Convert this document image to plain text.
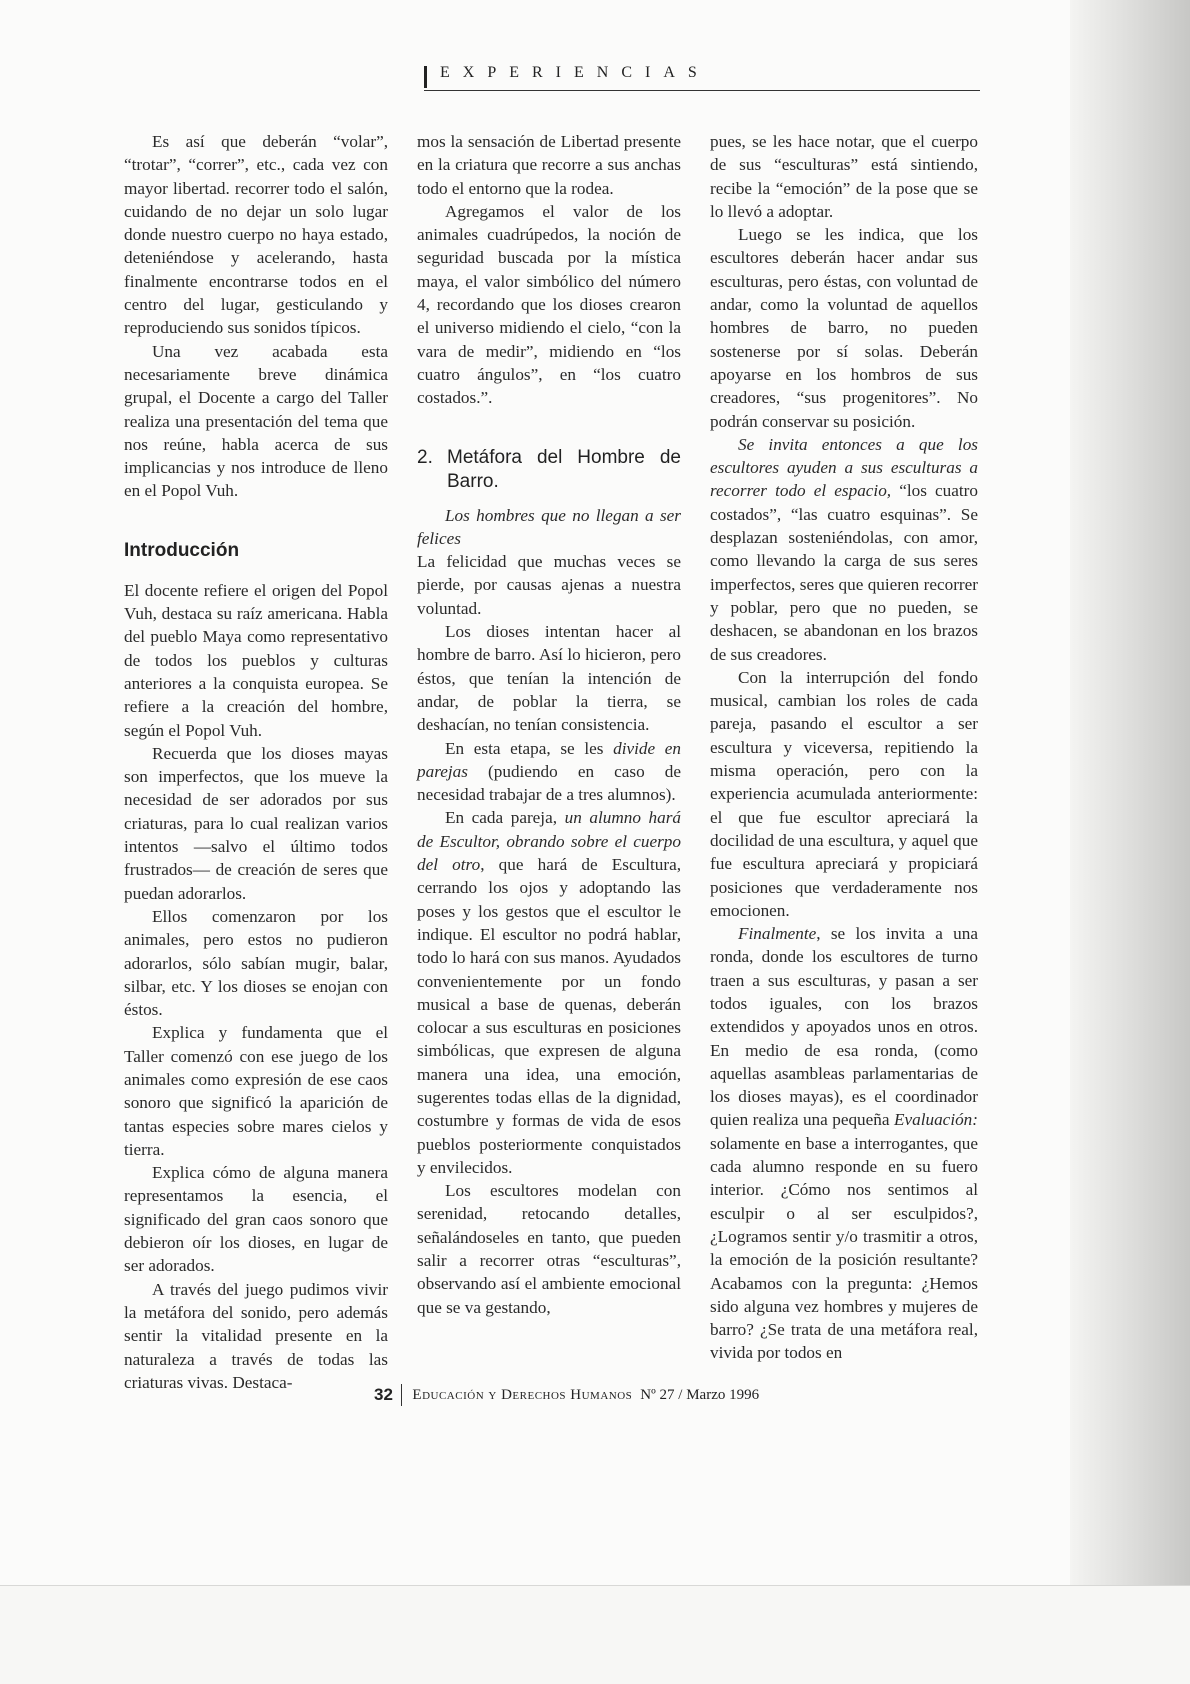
EXPERIENCIAS

Es así que deberán “volar”, “trotar”, “correr”, etc., cada vez con mayor libertad. recorrer todo el salón, cuidando de no dejar un solo lugar donde nuestro cuerpo no haya estado, deteniéndose y acelerando, hasta finalmente encontrarse todos en el centro del lugar, gesticulando y reproduciendo sus sonidos típicos.

Una vez acabada esta necesariamente breve dinámica grupal, el Docente a cargo del Taller realiza una presentación del tema que nos reúne, habla acerca de sus implicancias y nos introduce de lleno en el Popol Vuh.

Introducción

El docente refiere el origen del Popol Vuh, destaca su raíz americana. Habla del pueblo Maya como representativo de todos los pueblos y culturas anteriores a la conquista europea. Se refiere a la creación del hombre, según el Popol Vuh.

Recuerda que los dioses mayas son imperfectos, que los mueve la necesidad de ser adorados por sus criaturas, para lo cual realizan varios intentos —salvo el último todos frustrados— de creación de seres que puedan adorarlos.

Ellos comenzaron por los animales, pero estos no pudieron adorarlos, sólo sabían mugir, balar, silbar, etc. Y los dioses se enojan con éstos.

Explica y fundamenta que el Taller comenzó con ese juego de los animales como expresión de ese caos sonoro que significó la aparición de tantas especies sobre mares cielos y tierra.

Explica cómo de alguna manera representamos la esencia, el significado del gran caos sonoro que debieron oír los dioses, en lugar de ser adorados.

A través del juego pudimos vivir la metáfora del sonido, pero además sentir la vitalidad presente en la naturaleza a través de todas las criaturas vivas. Destaca-

mos la sensación de Libertad presente en la criatura que recorre a sus anchas todo el entorno que la rodea.

Agregamos el valor de los animales cuadrúpedos, la noción de seguridad buscada por la mística maya, el valor simbólico del número 4, recordando que los dioses crearon el universo midiendo el cielo, “con la vara de medir”, midiendo en “los cuatro ángulos”, en “los cuatro costados.”.

2. Metáfora del Hombre de Barro.

Los hombres que no llegan a ser felices

La felicidad que muchas veces se pierde, por causas ajenas a nuestra voluntad.

Los dioses intentan hacer al hombre de barro. Así lo hicieron, pero éstos, que tenían la intención de andar, de poblar la tierra, se deshacían, no tenían consistencia.

En esta etapa, se les divide en parejas (pudiendo en caso de necesidad trabajar de a tres alumnos).

En cada pareja, un alumno hará de Escultor, obrando sobre el cuerpo del otro, que hará de Escultura, cerrando los ojos y adoptando las poses y los gestos que el escultor le indique. El escultor no podrá hablar, todo lo hará con sus manos. Ayudados convenientemente por un fondo musical a base de quenas, deberán colocar a sus esculturas en posiciones simbólicas, que expresen de alguna manera una idea, una emoción, sugerentes todas ellas de la dignidad, costumbre y formas de vida de esos pueblos posteriormente conquistados y envilecidos.

Los escultores modelan con serenidad, retocando detalles, señalándoseles en tanto, que pueden salir a recorrer otras “esculturas”, observando así el ambiente emocional que se va gestando,

pues, se les hace notar, que el cuerpo de sus “esculturas” está sintiendo, recibe la “emoción” de la pose que se lo llevó a adoptar.

Luego se les indica, que los escultores deberán hacer andar sus esculturas, pero éstas, con voluntad de andar, como la voluntad de aquellos hombres de barro, no pueden sostenerse por sí solas. Deberán apoyarse en los hombros de sus creadores, “sus progenitores”. No podrán conservar su posición.

Se invita entonces a que los escultores ayuden a sus esculturas a recorrer todo el espacio, “los cuatro costados”, “las cuatro esquinas”. Se desplazan sosteniéndolas, con amor, como llevando la carga de sus seres imperfectos, seres que quieren recorrer y poblar, pero que no pueden, se deshacen, se abandonan en los brazos de sus creadores.

Con la interrupción del fondo musical, cambian los roles de cada pareja, pasando el escultor a ser escultura y viceversa, repitiendo la misma operación, pero con la experiencia acumulada anteriormente: el que fue escultor apreciará la docilidad de una escultura, y aquel que fue escultura apreciará y propiciará posiciones que verdaderamente nos emocionen.

Finalmente, se los invita a una ronda, donde los escultores de turno traen a sus esculturas, y pasan a ser todos iguales, con los brazos extendidos y apoyados unos en otros. En medio de esa ronda, (como aquellas asambleas parlamentarias de los dioses mayas), es el coordinador quien realiza una pequeña Evaluación: solamente en base a interrogantes, que cada alumno responde en su fuero interior. ¿Cómo nos sentimos al esculpir o al ser esculpidos?, ¿Logramos sentir y/o trasmitir a otros, la emoción de la posición resultante? Acabamos con la pregunta: ¿Hemos sido alguna vez hombres y mujeres de barro? ¿Se trata de una metáfora real, vivida por todos en

32 Educación y Derechos Humanos Nº 27 / Marzo 1996
